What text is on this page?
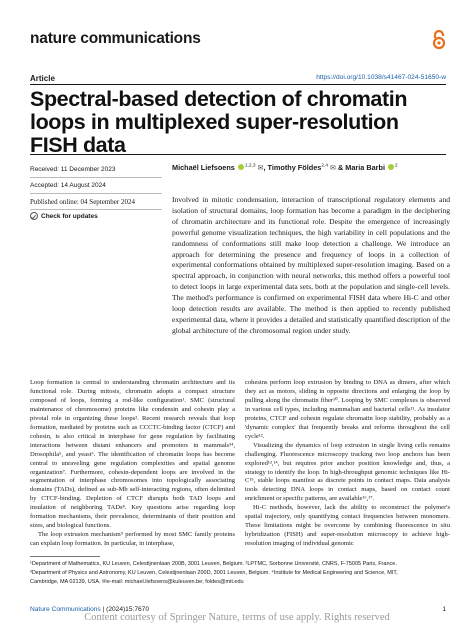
nature communications
Article	https://doi.org/10.1038/s41467-024-51650-w
Spectral-based detection of chromatin loops in multiplexed super-resolution FISH data
Received: 11 December 2023
Accepted: 14 August 2024
Published online: 04 September 2024
Check for updates
Michaël Liefsoens $^{1,2,3}$ ✉, Timothy Földes$^{2,4}$ ✉ & Maria Barbi $^2$

Involved in mitotic condensation, interaction of transcriptional regulatory elements and isolation of structural domains, loop formation has become a paradigm in the deciphering of chromatin architecture and its functional role. Despite the emergence of increasingly powerful genome visualization techniques, the high variability in cell populations and the randomness of conformations still make loop detection a challenge. We introduce an approach for determining the presence and frequency of loops in a collection of experimental conformations obtained by multiplexed super-resolution imaging. Based on a spectral approach, in conjunction with neural networks, this method offers a powerful tool to detect loops in large experimental data sets, both at the population and single-cell levels. The method's performance is confirmed on experimental FISH data where Hi-C and other loop detection results are available. The method is then applied to recently published experimental data, where it provides a detailed and statistically quantified description of the global architecture of the chromosomal region under study.

Loop formation is central to understanding chromatin architecture and its functional role. During mitosis, chromatin adopts a compact structure composed of loops, forming a rod-like configuration¹. SMC (structural maintenance of chromosome) proteins like condensin and cohesin play a pivotal role in organizing these loops². Recent research reveals that loop formation, mediated by proteins such as CCCTC-binding factor (CTCF) and cohesin, is also critical in interphase for gene regulation by facilitating interactions between distant enhancers and promoters in mammals³⁴, Drosophila⁵, and yeast⁶. The identification of chromatin loops has become central to unraveling gene regulation complexities and spatial genome organization⁷. Furthermore, cohesin-dependent loops are involved in the segmentation of interphase chromosomes into topologically associating domains (TADs), defined as sub-Mb self-interacting regions, often delimited by CTCF-binding. Depletion of CTCF disrupts both TAD loops and insulation of neighboring TADs⁸. Key questions arise regarding loop formation mechanisms, their prevalence, determinants of their position and sizes, and biological functions.

The loop extrusion mechanism⁹ performed by most SMC family proteins can explain loop formation. In particular, in interphase,

cohesins perform loop extrusion by binding to DNA as dimers, after which they act as motors, sliding in opposite directions and enlarging the loop by pulling along the chromatin fiber¹⁰. Looping by SMC complexes is observed in various cell types, including mammalian and bacterial cells¹¹. As insulator proteins, CTCF and cohesin regulate chromatin loop stability, probably as a 'dynamic complex' that frequently breaks and reforms throughout the cell cycle¹².

Visualizing the dynamics of loop extrusion in single living cells remains challenging. Fluorescence microscopy tracking two loop anchors has been explored¹³,¹⁴, but requires prior anchor position knowledge and, thus, a strategy to identify the loop. In high-throughput genomic techniques like Hi-C¹⁵, stable loops manifest as discrete points in contact maps. Data analysis tools detecting DNA loops in contact maps, based on contact count enrichment or specific patterns, are available¹⁶,¹⁷.

Hi-C methods, however, lack the ability to reconstruct the polymer's spatial trajectory, only quantifying contact frequencies between monomers. These limitations might be overcome by combining fluorescence in situ hybridization (FISH) and super-resolution microscopy to achieve high-resolution imaging of individual genomic

¹Department of Mathematics, KU Leuven, Celestijnenlaan 200B, 3001 Leuven, Belgium. ²LPTMC, Sorbonne Université, CNRS, F-75005 Paris, France.
³Department of Physics and Astronomy, KU Leuven, Celestijnenlaan 200D, 3001 Leuven, Belgium. ⁴Institute for Medical Engineering and Science, MIT,
Cambridge, MA 02139, USA. ✉e-mail: michael.liefsoens@kuleuven.be; foldes@mit.edu
Nature Communications | (2024)15:7670	1
Content courtesy of Springer Nature, terms of use apply. Rights reserved
